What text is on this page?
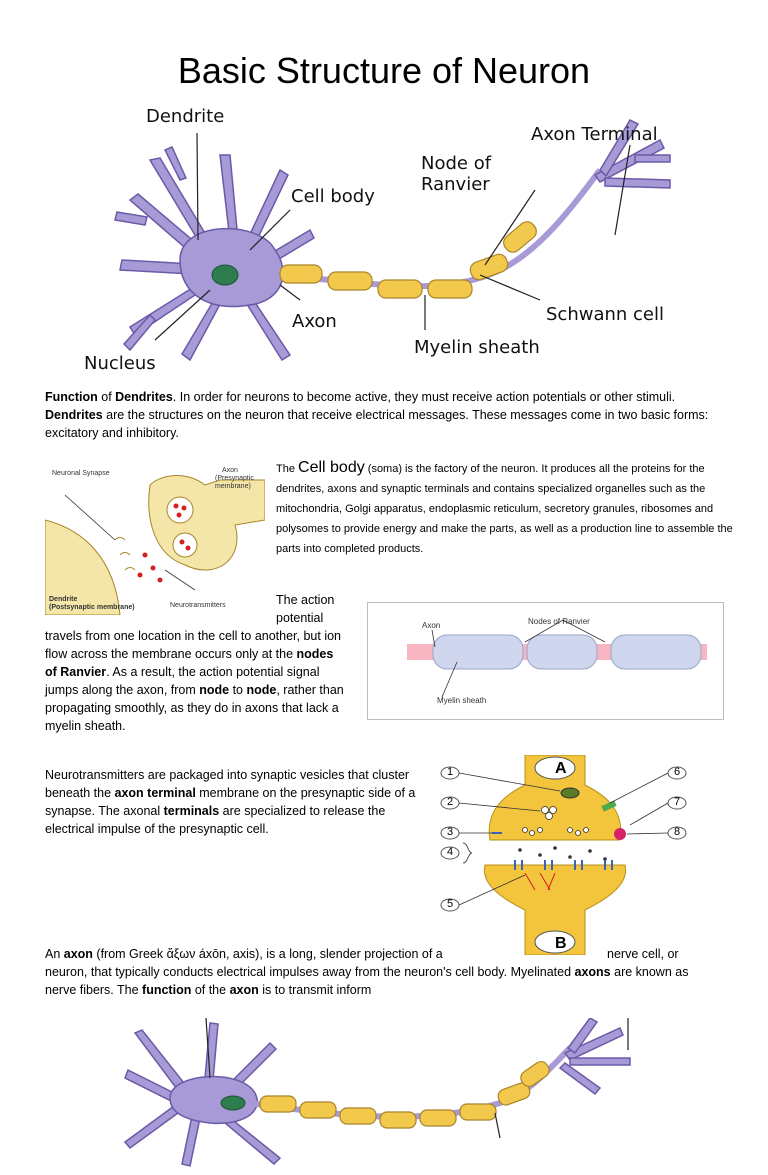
Basic Structure of Neuron
Dendrite
Cell body
Nucleus
Axon
Node of
Ranvier
Axon Terminal
Schwann cell
Myelin sheath
Function of Dendrites. In order for neurons to become active, they must receive action potentials or other stimuli. Dendrites are the structures on the neuron that receive electrical messages. These messages come in two basic forms: excitatory and inhibitory.
Neuronal Synapse	Axon
(Presynaptic
membrane)
Dendrite
(Postsynaptic membrane)	Neurotransmitters
The Cell body (soma) is the factory of the neuron. It produces all the proteins for the dendrites, axons and synaptic terminals and contains specialized organelles such as the mitochondria, Golgi apparatus, endoplasmic reticulum, secretory granules, ribosomes and polysomes to provide energy and make the parts, as well as a production line to assemble the parts into completed products.
The action
potential
travels from one location in the cell to another, but ion flow across the membrane occurs only at the nodes of Ranvier. As a result, the action potential signal jumps along the axon, from node to node, rather than propagating smoothly, as they do in axons that lack a myelin sheath.
Axon	Nodes of Ranvier
Myelin sheath
Neurotransmitters are packaged into synaptic vesicles that cluster beneath the axon terminal membrane on the presynaptic side of a synapse. The axonal terminals are specialized to release the electrical impulse of the presynaptic cell.
A
B
1
2
3
4
5
6
7
8
An axon (from Greek ἄξων áxōn, axis), is a long, slender projection of a	nerve cell, or neuron, that typically conducts electrical impulses away from the neuron's cell body. Myelinated axons are known as nerve fibers. The function of the axon is to transmit inform
